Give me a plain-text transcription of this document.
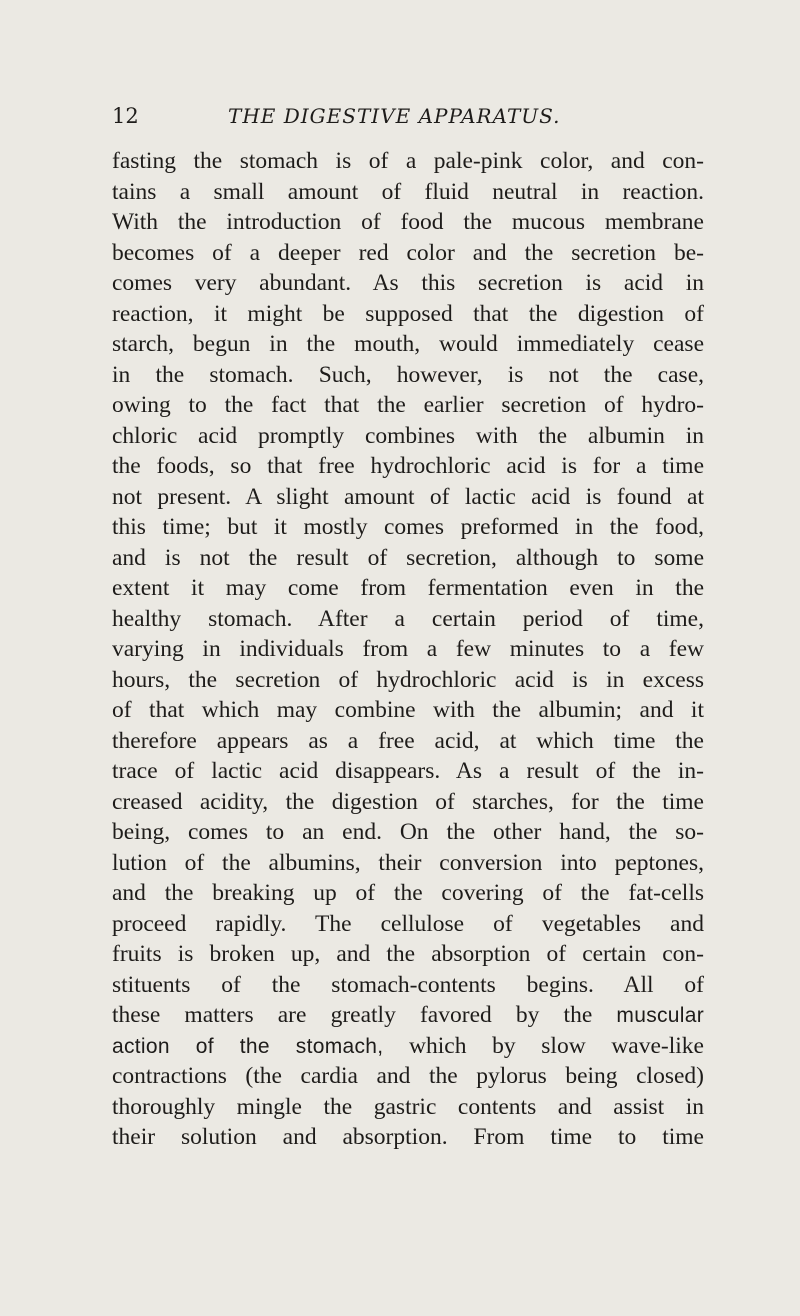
12	THE DIGESTIVE APPARATUS.
fasting the stomach is of a pale-pink color, and con-
tains a small amount of fluid neutral in reaction.
With the introduction of food the mucous membrane
becomes of a deeper red color and the secretion be-
comes very abundant. As this secretion is acid in
reaction, it might be supposed that the digestion of
starch, begun in the mouth, would immediately cease
in the stomach. Such, however, is not the case,
owing to the fact that the earlier secretion of hydro-
chloric acid promptly combines with the albumin in
the foods, so that free hydrochloric acid is for a time
not present. A slight amount of lactic acid is found at
this time; but it mostly comes preformed in the food,
and is not the result of secretion, although to some
extent it may come from fermentation even in the
healthy stomach. After a certain period of time,
varying in individuals from a few minutes to a few
hours, the secretion of hydrochloric acid is in excess
of that which may combine with the albumin; and it
therefore appears as a free acid, at which time the
trace of lactic acid disappears. As a result of the in-
creased acidity, the digestion of starches, for the time
being, comes to an end. On the other hand, the so-
lution of the albumins, their conversion into peptones,
and the breaking up of the covering of the fat-cells
proceed rapidly. The cellulose of vegetables and
fruits is broken up, and the absorption of certain con-
stituents of the stomach-contents begins. All of
these matters are greatly favored by the muscular
action of the stomach, which by slow wave-like
contractions (the cardia and the pylorus being closed)
thoroughly mingle the gastric contents and assist in
their solution and absorption. From time to time
